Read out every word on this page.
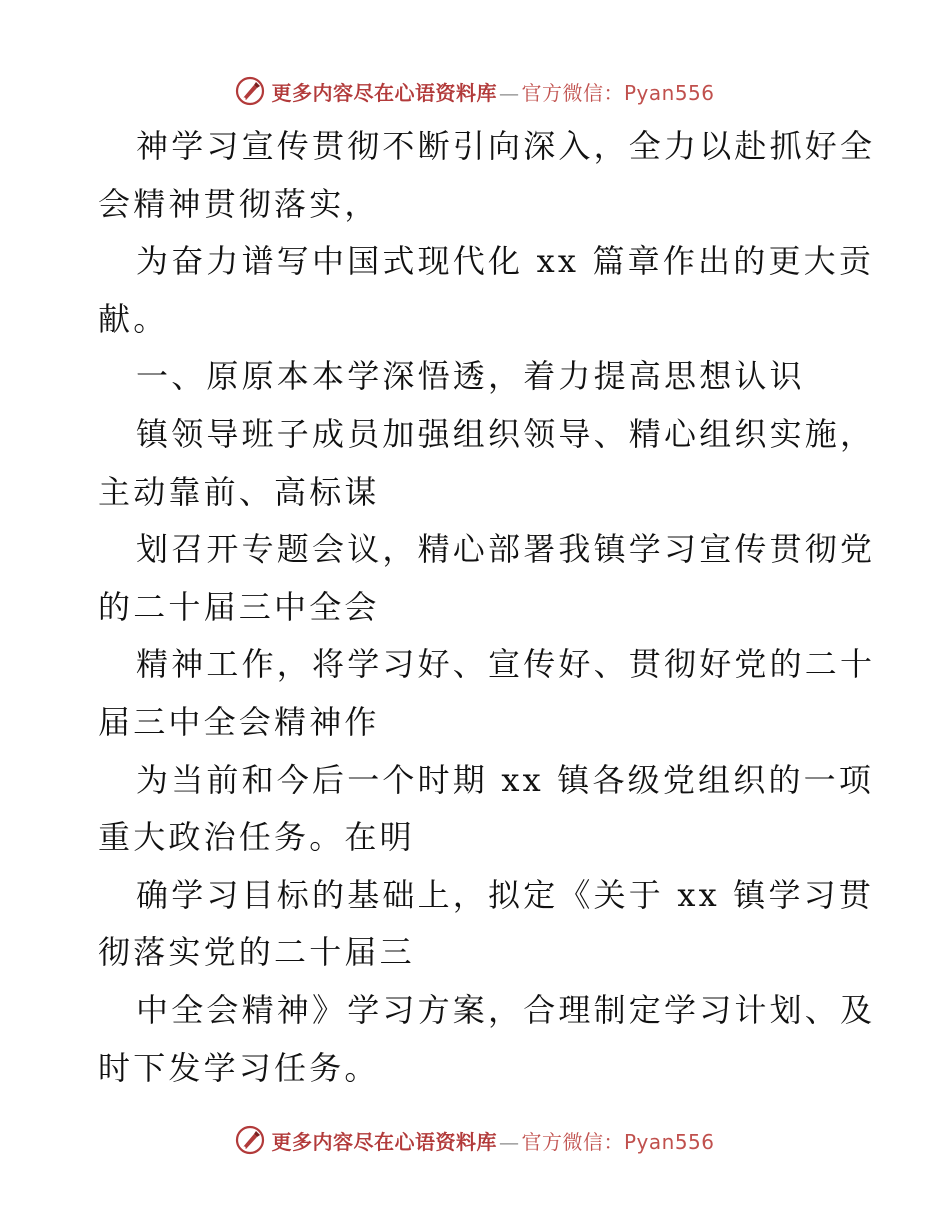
更多内容尽在心语资料库 — 官方微信：Pyan556
神学习宣传贯彻不断引向深入，全力以赴抓好全
会精神贯彻落实，
为奋力谱写中国式现代化 xx 篇章作出的更大贡
献。
一、原原本本学深悟透，着力提高思想认识
镇领导班子成员加强组织领导、精心组织实施，
主动靠前、高标谋
划召开专题会议，精心部署我镇学习宣传贯彻党
的二十届三中全会
精神工作，将学习好、宣传好、贯彻好党的二十
届三中全会精神作
为当前和今后一个时期 xx 镇各级党组织的一项
重大政治任务。在明
确学习目标的基础上，拟定《关于 xx 镇学习贯
彻落实党的二十届三
中全会精神》学习方案，合理制定学习计划、及
时下发学习任务。
更多内容尽在心语资料库 — 官方微信：Pyan556
